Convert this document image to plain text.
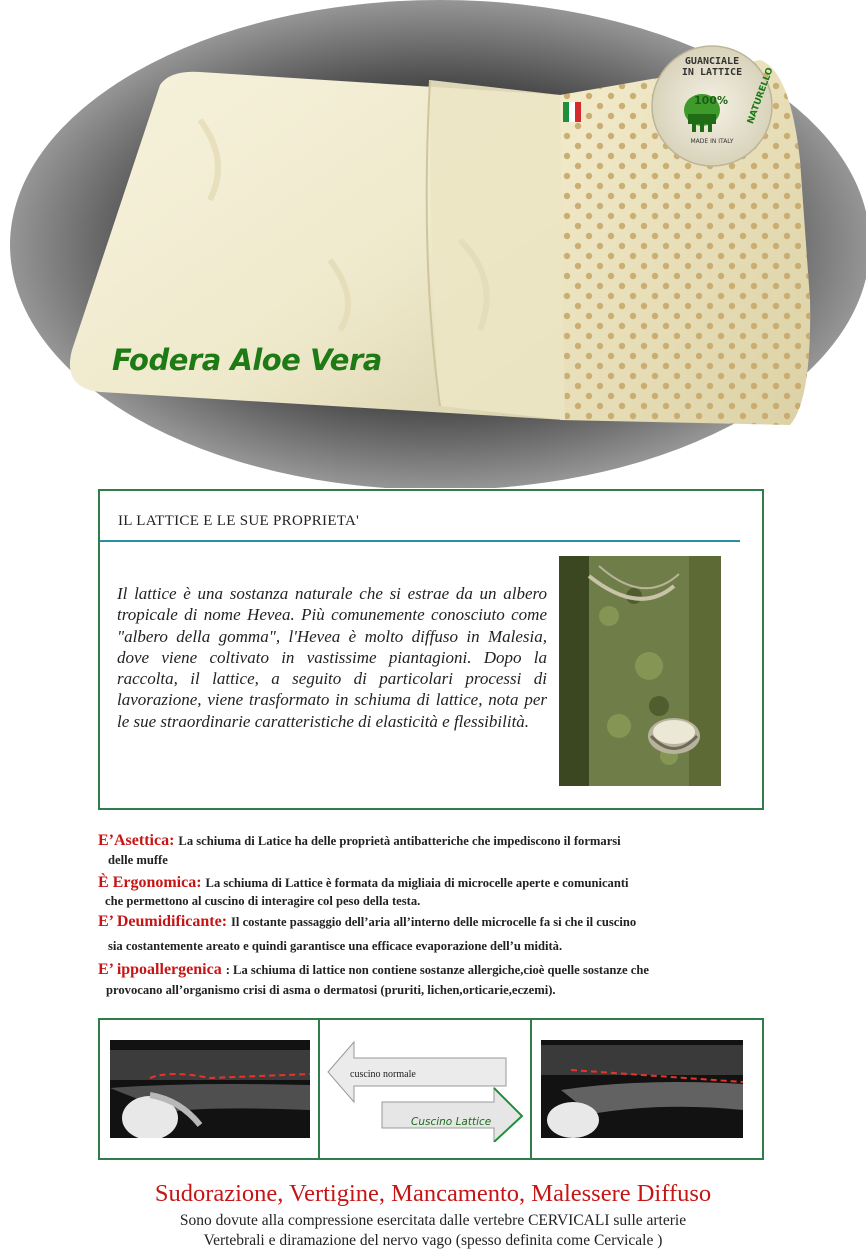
Fodera Aloe Vera
GUANCIALE
IN LATTICE
100% NATURELLO
MADE IN ITALY
IL LATTICE E LE SUE PROPRIETA'
Il lattice è una sostanza naturale che si estrae da un albero tropicale di nome Hevea. Più comunemente conosciuto come "albero della gomma", l'Hevea è molto diffuso in Malesia, dove viene coltivato in vastissime piantagioni. Dopo la raccolta, il lattice, a seguito di particolari processi di lavorazione, viene trasformato in schiuma di lattice, nota per le sue straordinarie caratteristiche di elasticità e flessibilità.
E’Asettica: La schiuma di Latice ha delle proprietà antibatteriche che impediscono il formarsi
delle muffe
È Ergonomica: La schiuma di Lattice è formata da migliaia di microcelle aperte e comunicanti
che permettono al cuscino di interagire col peso della testa.
E’ Deumidificante: Il costante passaggio dell’aria all’interno delle microcelle fa si che il cuscino
sia costantemente areato e quindi garantisce una efficace evaporazione dell’u midità.
E’ ippoallergenica : La schiuma di lattice non contiene sostanze allergiche,cioè quelle sostanze che
provocano all’organismo crisi di asma o dermatosi (pruriti, lichen,orticarie,eczemi).
cuscino normale
Cuscino Lattice
Sudorazione, Vertigine, Mancamento, Malessere Diffuso
Sono dovute alla compressione esercitata dalle vertebre CERVICALI sulle arterie
Vertebrali e diramazione del nervo vago (spesso definita come Cervicale )
